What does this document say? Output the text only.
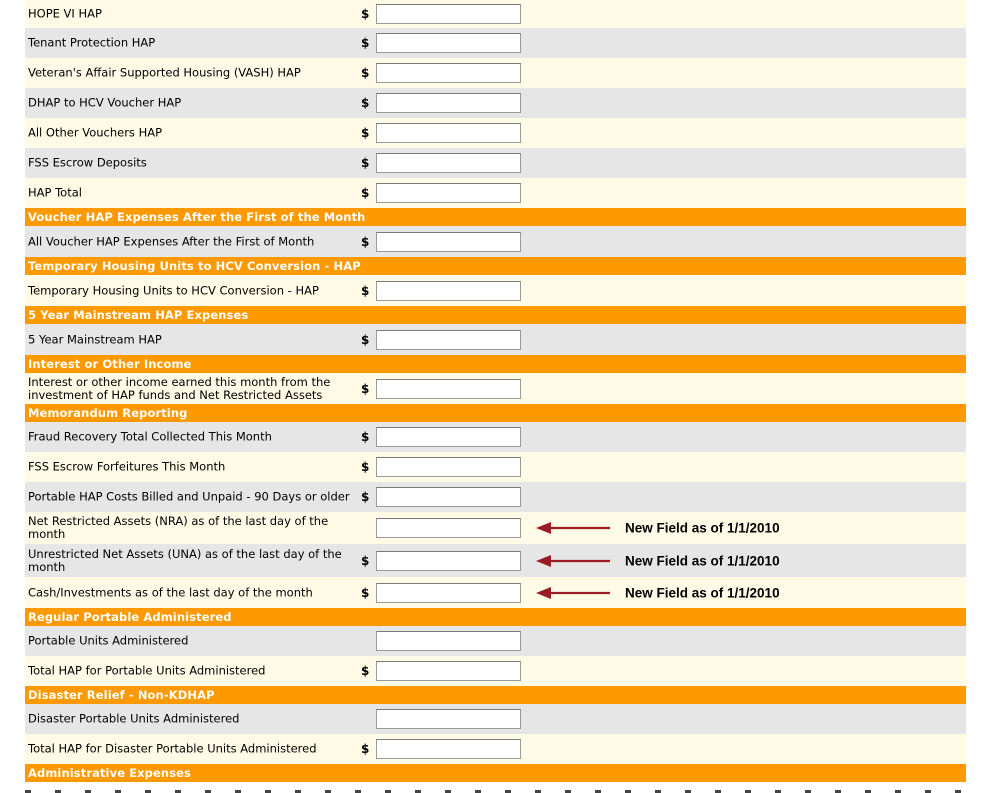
HOPE VI HAP	$
Tenant Protection HAP	$
Veteran's Affair Supported Housing (VASH) HAP	$
DHAP to HCV Voucher HAP	$
All Other Vouchers HAP	$
FSS Escrow Deposits	$
HAP Total	$
Voucher HAP Expenses After the First of the Month
All Voucher HAP Expenses After the First of Month	$
Temporary Housing Units to HCV Conversion - HAP
Temporary Housing Units to HCV Conversion - HAP	$
5 Year Mainstream HAP Expenses
5 Year Mainstream HAP	$
Interest or Other Income
Interest or other income earned this month from the investment of HAP funds and Net Restricted Assets	$
Memorandum Reporting
Fraud Recovery Total Collected This Month	$
FSS Escrow Forfeitures This Month	$
Portable HAP Costs Billed and Unpaid - 90 Days or older $
Net Restricted Assets (NRA) as of the last day of the month	New Field as of 1/1/2010
Unrestricted Net Assets (UNA) as of the last day of the month	$	New Field as of 1/1/2010
Cash/Investments as of the last day of the month	$	New Field as of 1/1/2010
Regular Portable Administered
Portable Units Administered
Total HAP for Portable Units Administered	$
Disaster Relief - Non-KDHAP
Disaster Portable Units Administered
Total HAP for Disaster Portable Units Administered	$
Administrative Expenses
